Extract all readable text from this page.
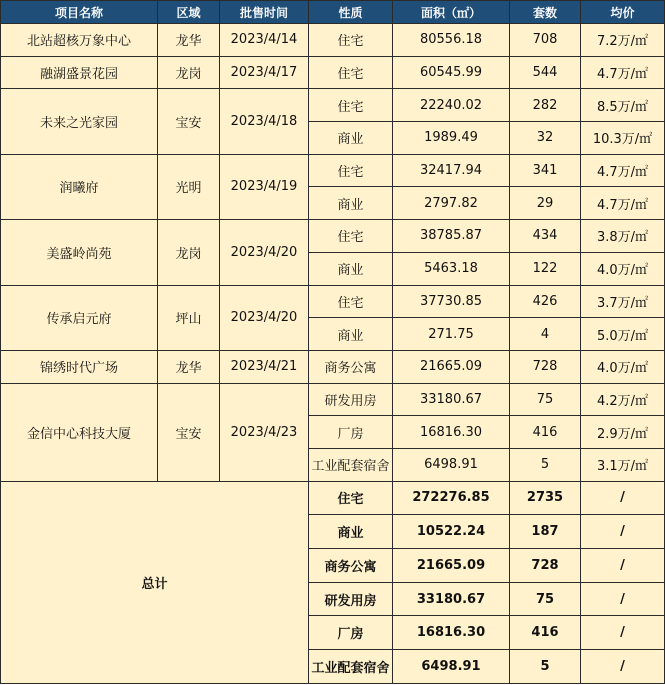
项目名称	区域	批售时间	性质	面积（㎡）	套数	均价
北站超核万象中心	龙华	2023/4/14	住宅	80556.18	708	7.2万/㎡
融湖盛景花园	龙岗	2023/4/17	住宅	60545.99	544	4.7万/㎡
未来之光家园	宝安	2023/4/18	住宅	22240.02	282	8.5万/㎡
			商业	1989.49	32	10.3万/㎡
润曦府	光明	2023/4/19	住宅	32417.94	341	4.7万/㎡
			商业	2797.82	29	4.7万/㎡
美盛岭尚苑	龙岗	2023/4/20	住宅	38785.87	434	3.8万/㎡
			商业	5463.18	122	4.0万/㎡
传承启元府	坪山	2023/4/20	住宅	37730.85	426	3.7万/㎡
			商业	271.75	4	5.0万/㎡
锦绣时代广场	龙华	2023/4/21	商务公寓	21665.09	728	4.0万/㎡
金信中心科技大厦	宝安	2023/4/23	研发用房	33180.67	75	4.2万/㎡
			厂房	16816.30	416	2.9万/㎡
			工业配套宿舍	6498.91	5	3.1万/㎡
总计			住宅	272276.85	2735	/
			商业	10522.24	187	/
			商务公寓	21665.09	728	/
			研发用房	33180.67	75	/
			厂房	16816.30	416	/
			工业配套宿舍	6498.91	5	/
